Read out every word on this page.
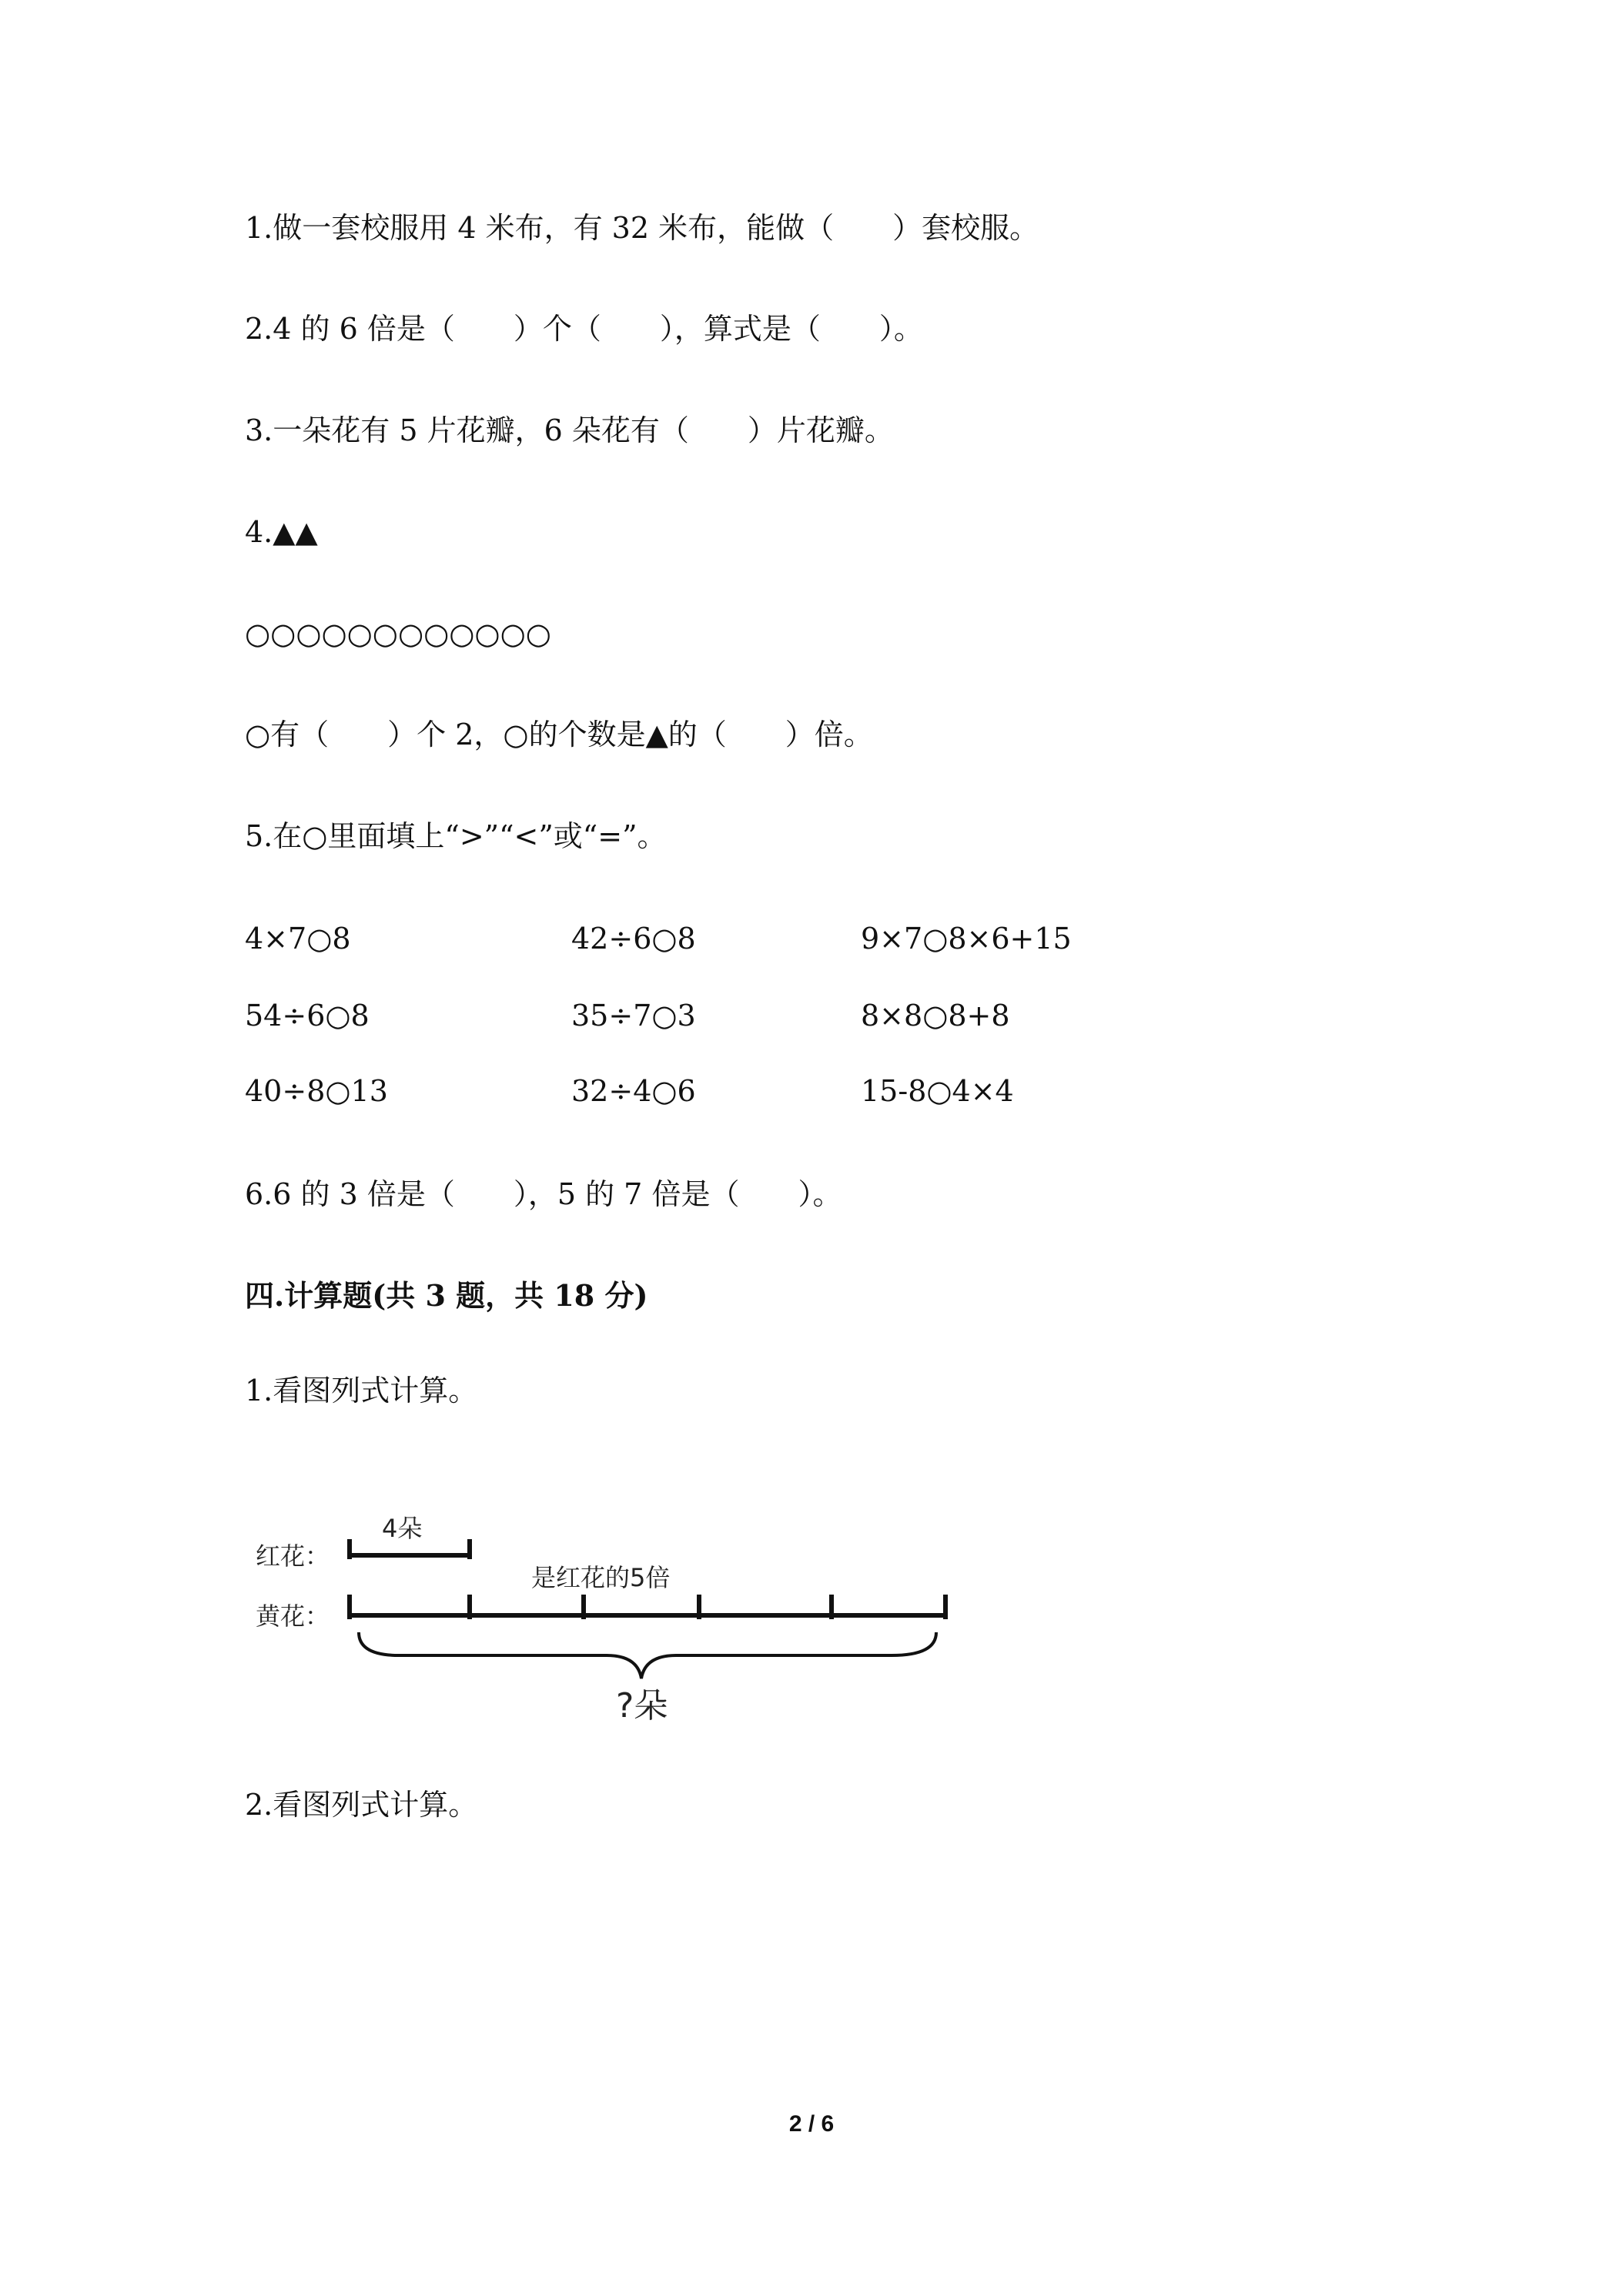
1.做一套校服用 4 米布，有 32 米布，能做（　　）套校服。
2.4 的 6 倍是（　　）个（　　），算式是（　　）。
3.一朵花有 5 片花瓣，6 朵花有（　　）片花瓣。
4.▲▲
○○○○○○○○○○○○
○有（　　）个 2，○的个数是▲的（　　）倍。
5.在○里面填上“>”“<”或“=”。
4×7○8	42÷6○8	9×7○8×6+15
54÷6○8	35÷7○3	8×8○8+8
40÷8○13	32÷4○6	15-8○4×4
6.6 的 3 倍是（　　），5 的 7 倍是（　　）。
四.计算题(共 3 题，共 18 分)
1.看图列式计算。
红花：
黄花：
4朵
是红花的5倍
?朵
2.看图列式计算。
2 / 6
